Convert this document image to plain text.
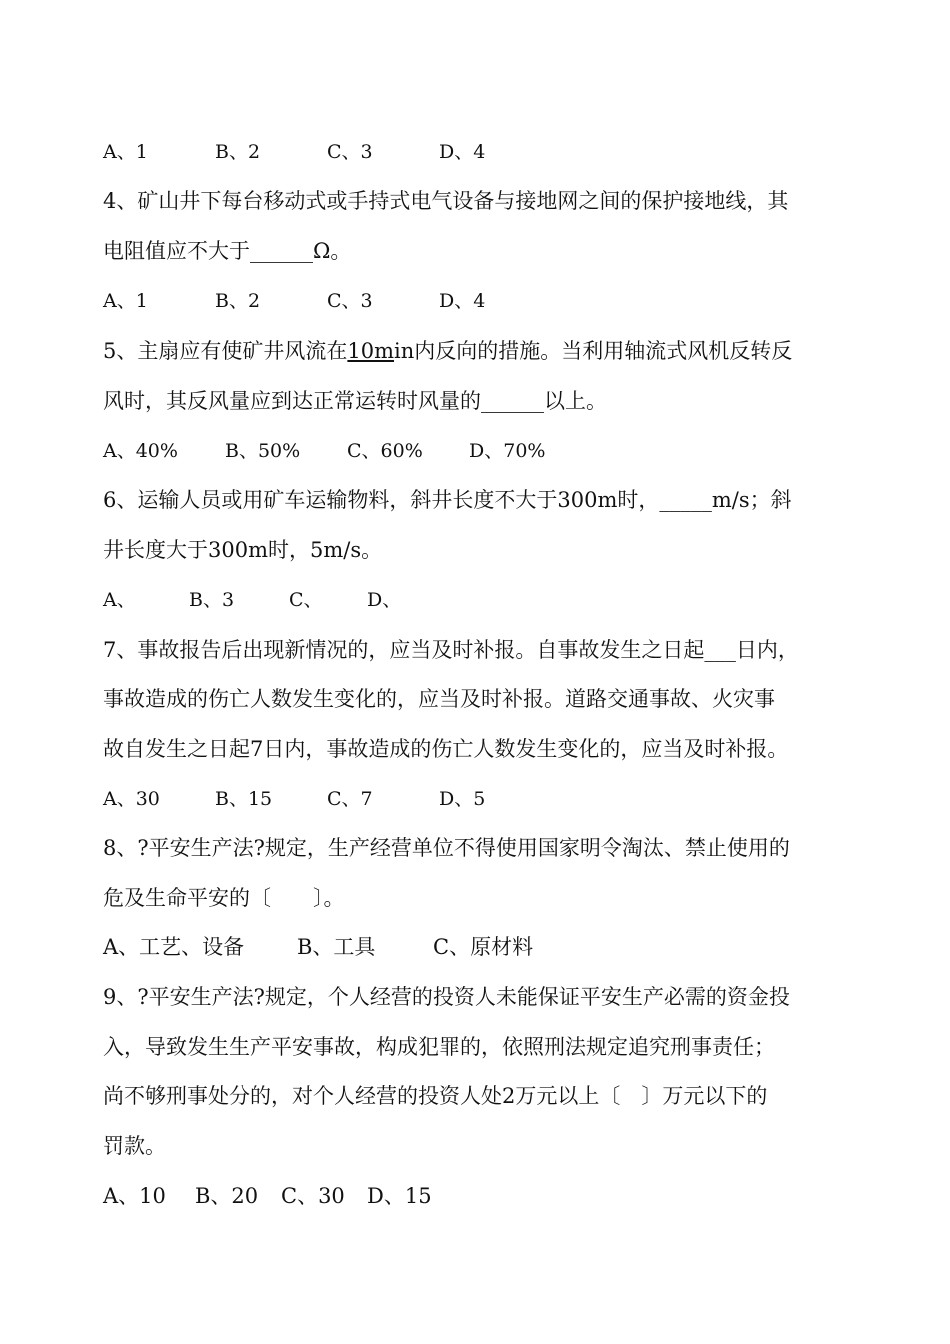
A、1	B、2	C、3	D、4
4、矿山井下每台移动式或手持式电气设备与接地网之间的保护接地线，其
电阻值应不大于______Ω。
A、1	B、2	C、3	D、4
5、主扇应有使矿井风流在10min内反向的措施。当利用轴流式风机反转反
风时，其反风量应到达正常运转时风量的______以上。
A、40% B、50% C、60% D、70%
6、运输人员或用矿车运输物料，斜井长度不大于300m时，_____m/s；斜
井长度大于300m时，5m/s。
A、	B、3	C、 D、
7、事故报告后出现新情况的，应当及时补报。自事故发生之日起___日内，
事故造成的伤亡人数发生变化的，应当及时补报。道路交通事故、火灾事
故自发生之日起7日内，事故造成的伤亡人数发生变化的，应当及时补报。
A、30	B、15	C、7	D、5
8、?平安生产法?规定，生产经营单位不得使用国家明令淘汰、禁止使用的
危及生命平安的〔　　〕。
A、工艺、设备	B、工具	C、原材料
9、?平安生产法?规定，个人经营的投资人未能保证平安生产必需的资金投
入，导致发生生产平安事故，构成犯罪的，依照刑法规定追究刑事责任；
尚不够刑事处分的，对个人经营的投资人处2万元以上〔　〕万元以下的
罚款。
A、10 B、20 C、30 D、15
